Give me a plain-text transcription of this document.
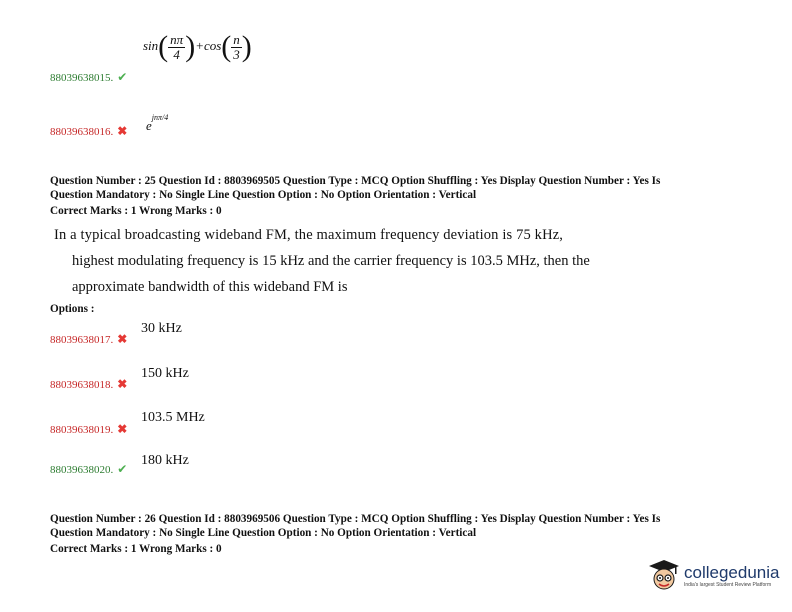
$\sin( \frac{n\pi}{4} )+\cos( \frac{n}{3}$ )
88039638015. ✔
88039638016. ✖ ejnπ/4
Question Number : 25 Question Id : 8803969505 Question Type : MCQ Option Shuffling : Yes Display Question Number : Yes Is
Question Mandatory : No Single Line Question Option : No Option Orientation : Vertical
Correct Marks : 1 Wrong Marks : 0
In a typical broadcasting wideband FM, the maximum frequency deviation is 75 kHz,
highest modulating frequency is 15 kHz and the carrier frequency is 103.5 MHz, then the
approximate bandwidth of this wideband FM is
Options :
88039638017. ✖
30 kHz
88039638018. ✖
150 kHz
88039638019. ✖
103.5 MHz
88039638020. ✔
180 kHz
Question Number : 26 Question Id : 8803969506 Question Type : MCQ Option Shuffling : Yes Display Question Number : Yes Is
Question Mandatory : No Single Line Question Option : No Option Orientation : Vertical
Correct Marks : 1 Wrong Marks : 0
collegedunia
India's largest Student Review Platform
